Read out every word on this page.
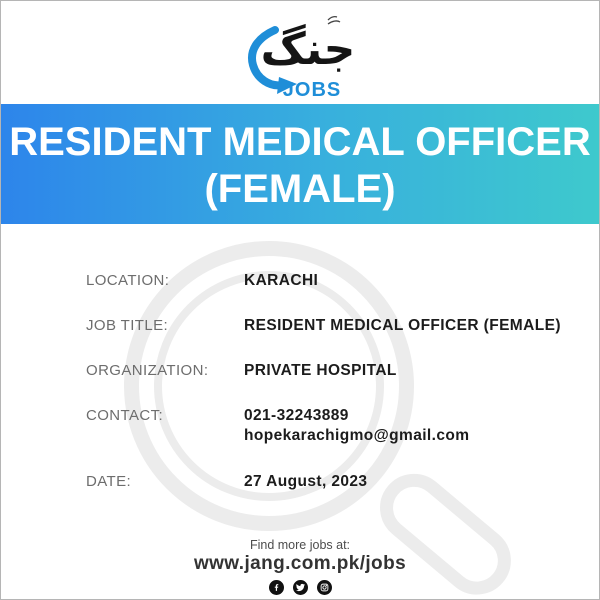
جنگ
JOBS
RESIDENT MEDICAL OFFICER
(FEMALE)
LOCATION:	KARACHI
JOB TITLE:	RESIDENT MEDICAL OFFICER (FEMALE)
ORGANIZATION:	PRIVATE HOSPITAL
CONTACT:	021-32243889
hopekarachigmo@gmail.com
DATE:	27 August, 2023
Find more jobs at:
www.jang.com.pk/jobs
